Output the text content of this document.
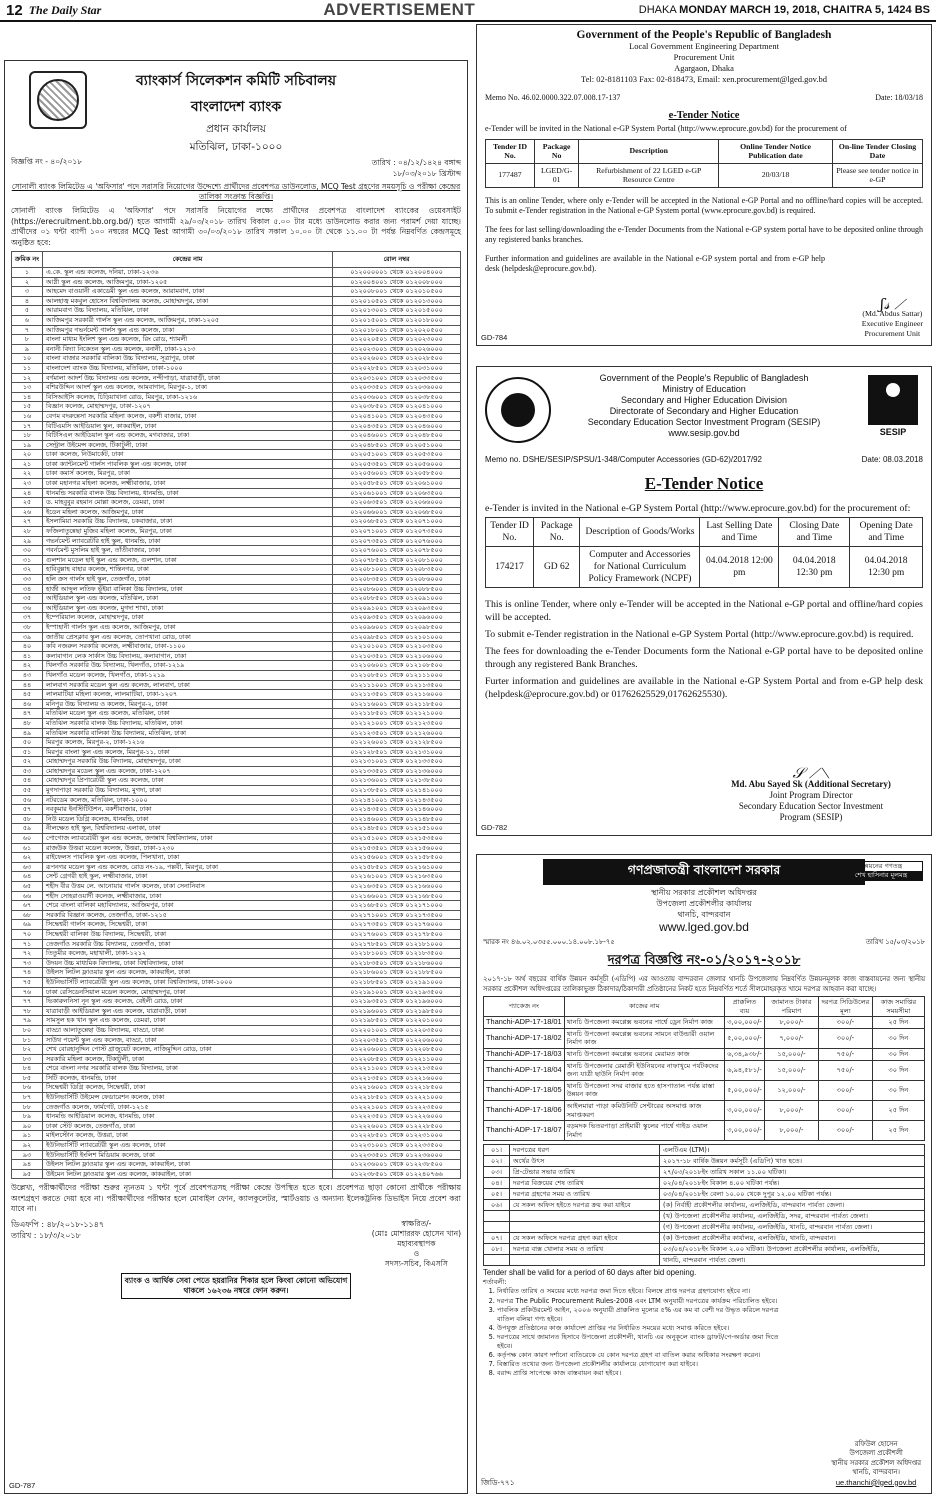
12 The Daily Star	ADVERTISEMENT	DHAKA MONDAY MARCH 19, 2018, CHAITRA 5, 1424 BS
ব্যাংকার্স সিলেকশন কমিটি সচিবালয়
বাংলাদেশ ব্যাংক
প্রধান কার্যালয়
মতিঝিল, ঢাকা-১০০০
বিজ্ঞপ্তি নং - ৪০/২০১৮	তারিখ : ০৪/১২/১৪২৪ বঙ্গাব্দ
১৮/০৩/২০১৮ খ্রিস্টাব্দ
সোনালী ব্যাংক লিমিটেড এ 'অফিসার' পদে সরাসরি নিয়োগের উদ্দেশ্যে প্রার্থীদের প্রবেশপত্র ডাউনলোড, MCQ Test গ্রহণের সময়সূচি ও পরীক্ষা কেন্দ্রের তালিকা সংক্রান্ত বিজ্ঞপ্তি।
সোনালী ব্যাংক লিমিটেড এ 'অফিসার' পদে সরাসরি নিয়োগের লক্ষ্যে প্রার্থীদের প্রবেশপত্র বাংলাদেশ ব্যাংকের ওয়েবসাইট (https://erecruitment.bb.org.bd/) হতে আগামী ২৯/০৩/২০১৮ তারিখ বিকাল ৫.০০ টার মধ্যে ডাউনলোড করার জন্য পরামর্শ দেয়া যাচ্ছে। প্রার্থীদের ০১ ঘন্টা ব্যাপী ১০০ নম্বরের MCQ Test আগামী ৩০/০৩/২০১৮ তারিখ সকাল ১০.০০ টা থেকে ১১.০০ টা পর্যন্ত নিম্নবর্ণিত কেন্দ্রসমূহে অনুষ্ঠিত হবে:
ক্রমিক নং	কেন্দ্রের নাম	রোল নম্বর
১	এ.কে. স্কুল এন্ড কলেজ, দনিয়া, ঢাকা-১২৩৬	০১২০০০০০১ থেকে ০১২০০৪০০০
২	আগ্নী স্কুল এন্ড কলেজ, আজিমপুর, ঢাকা-১২০৫	০১২০০৪০০১ থেকে ০১২০০৮০০০
৩	আহমেদ বাওয়ানী একাডেমী স্কুল এন্ড কলেজ, আরামবাগ, ঢাকা	০১২০০৮০০১ থেকে ০১২০১০৫০০
৪	আলহাজ্ব মকবুল হোসেন বিশ্ববিদ্যালয় কলেজ, মোহাম্মদপুর, ঢাকা	০১২০১০৫০১ থেকে ০১২০১৩০০০
৫	আরামবাগ উচ্চ বিদ্যালয়, মতিঝিল, ঢাকা	০১২০১৩০০১ থেকে ০১২০১৫০০০
৬	আজিমপুর সরকারী গার্লস স্কুল এন্ড কলেজ, আজিমপুর, ঢাকা-১২০৫	০১২০১৫০০১ থেকে ০১২০১৮০০০
৭	আজিমপুর গভর্নমেন্ট গার্লস স্কুল এন্ড কলেজ, ঢাকা	০১২০১৮০০১ থেকে ০১২০২০৫০০
৮	বাংলা মাধ্যম ইংলিশ স্কুল এন্ড কলেজ, রিং রোড, শ্যামলী	০১২০২০৫০১ থেকে ০১২০২৩০০০
৯	বনানী বিদ্যা নিকেতন স্কুল এন্ড কলেজ, বনানী, ঢাকা-১২১৩	০১২০২৩০০১ থেকে ০১২০২৬০০০
১০	বাংলা বাজার সরকারি বালিকা উচ্চ বিদ্যালয়, সূত্রাপুর, ঢাকা	০১২০২৬০০১ থেকে ০১২০২৮৫০০
১১	বাংলাদেশ ব্যাংক উচ্চ বিদ্যালয়, মতিঝিল, ঢাকা-১০০০	০১২০২৮৫০১ থেকে ০১২০৩১০০০
১২	বর্ণমালা আদর্শ উচ্চ বিদ্যালয় এন্ড কলেজ, নন্দীপাড়া, যাত্রাবাড়ী, ঢাকা	০১২০৩১০০১ থেকে ০১২০৩৩৫০০
১৩	বশিরউদ্দিন আদর্শ স্কুল এন্ড কলেজ, আমবাগান, মিরপুর-১, ঢাকা	০১২০৩৩৫০১ থেকে ০১২০৩৬০০০
১৪	বিসিআইসি কলেজ, চিড়িয়াখানা রোড, মিরপুর, ঢাকা-১২১৬	০১২০৩৬০০১ থেকে ০১২০৩৮৫০০
১৫	বিজ্ঞান কলেজ, মোহাম্মদপুর, ঢাকা-১২০৭	০১২০৩৮৫০১ থেকে ০১২০৪১০০০
১৬	বেগম বদরুন্নেসা সরকারি মহিলা কলেজ, বকশী বাজার, ঢাকা	০১২০৪১০০১ থেকে ০১২০৪৩৫০০
১৭	বিটিএমসি আইডিয়াল স্কুল, কাকরাইল, ঢাকা	০১২০৪৩৫০১ থেকে ০১২০৪৬০০০
১৮	বিটিসিএল আইডিয়াল স্কুল এন্ড কলেজ, মগবাজার, ঢাকা	০১২০৪৬০০১ থেকে ০১২০৪৮৫০০
১৯	সেন্ট্রাল উইমেন্স কলেজ, টিকাটুলী, ঢাকা	০১২০৪৮৫০১ থেকে ০১২০৫১০০০
২০	চাকা কলেজ, নিউমার্কেট, ঢাকা	০১২০৫১০০১ থেকে ০১২০৫৩৫০০
২১	ঢাকা ক্যান্টনমেন্ট গার্লস পাবলিক স্কুল এন্ড কলেজ, ঢাকা	০১২০৫৩৫০১ থেকে ০১২০৫৬০০০
২২	চাকা কমার্স কলেজ, মিরপুর, ঢাকা	০১২০৫৬০০১ থেকে ০১২০৫৮৫০০
২৩	ঢাকা মহানগর মহিলা কলেজ, লক্ষ্মীবাজার, ঢাকা	০১২০৫৮৫০১ থেকে ০১২০৬১০০০
২৪	ধানমন্ডি সরকারি বালক উচ্চ বিদ্যালয়, ধানমন্ডি, ঢাকা	০১২০৬১০০১ থেকে ০১২০৬৩৫০০
২৫	ড. মাহবুবুর রহমান মোল্লা কলেজ, ডেমরা, ঢাকা	০১২০৬৩৫০১ থেকে ০১২০৬৬০০০
২৬	ইডেন মহিলা কলেজ, আজিমপুর, ঢাকা	০১২০৬৬০০১ থেকে ০১২০৬৮৫০০
২৭	ইসলামিয়া সরকারি উচ্চ বিদ্যালয়, চকবাজার, ঢাকা	০১২০৬৮৫০১ থেকে ০১২০৭১০০০
২৮	ফজিলাতুন্নেছা মুজিব মহিলা কলেজ, মিরপুর, ঢাকা	০১২০৭১০০১ থেকে ০১২০৭৩৫০০
২৯	গভর্নমেন্ট ল্যাবরেটরি হাই স্কুল, ধানমন্ডি, ঢাকা	০১২০৭৩৫০১ থেকে ০১২০৭৬০০০
৩০	গবর্নমেন্ট মুসলিম হাই স্কুল, তাঁতীবাজার, ঢাকা	০১২০৭৬০০১ থেকে ০১২০৭৮৫০০
৩১	গুলশান মডেল হাই স্কুল এন্ড কলেজ, গুলশান, ঢাকা	০১২০৭৮৫০১ থেকে ০১২০৮১০০০
৩২	হাবিবুল্লাহ বাহার কলেজ, শান্তিনগর, ঢাকা	০১২০৮১০০১ থেকে ০১২০৮৩৫০০
৩৩	হলি ক্রস গার্লস হাই স্কুল, তেজগাঁও, ঢাকা	০১২০৮৩৫০১ থেকে ০১২০৮৬০০০
৩৪	হাজী আব্দুল লতিফ ভূঁইয়া বালিকা উচ্চ বিদ্যালয়, ঢাকা	০১২০৮৬০০১ থেকে ০১২০৮৮৫০০
৩৫	আইডিয়াল স্কুল এন্ড কলেজ, মতিঝিল, ঢাকা	০১২০৮৮৫০১ থেকে ০১২০৯১০০০
৩৬	আইডিয়াল স্কুল এন্ড কলেজ, মুগদা শাখা, ঢাকা	০১২০৯১০০১ থেকে ০১২০৯৩৫০০
৩৭	ইম্পেরিয়াল কলেজ, মোহাম্মদপুর, ঢাকা	০১২০৯৩৫০১ থেকে ০১২০৯৬০০০
৩৮	ইস্পাহানী গার্লস স্কুল এন্ড কলেজ, আজিমপুর, ঢাকা	০১২০৯৬০০১ থেকে ০১২০৯৮৫০০
৩৯	জাতীয় প্রেসক্লাব স্কুল এন্ড কলেজ, তোপখানা রোড, ঢাকা	০১২০৯৮৫০১ থেকে ০১২১০১০০০
৪০	কবি নজরুল সরকারি কলেজ, লক্ষ্মীবাজার, ঢাকা-১১০০	০১২১০১০০১ থেকে ০১২১০৩৫০০
৪১	কলাবাগান লেক সার্কাস উচ্চ বিদ্যালয়, কলাবাগান, ঢাকা	০১২১০৩৫০১ থেকে ০১২১০৬০০০
৪২	খিলগাঁও সরকারি উচ্চ বিদ্যালয়, খিলগাঁও, ঢাকা-১২১৯	০১২১০৬০০১ থেকে ০১২১০৮৫০০
৪৩	খিলগাঁও মডেল কলেজ, খিলগাঁও, ঢাকা-১২১৯	০১২১০৮৫০১ থেকে ০১২১১১০০০
৪৪	লালবাগ সরকারি মডেল স্কুল এন্ড কলেজ, লালবাগ, ঢাকা	০১২১১১০০১ থেকে ০১২১১৩৫০০
৪৫	লালমাটিয়া মহিলা কলেজ, লালমাটিয়া, ঢাকা-১২০৭	০১২১১৩৫০১ থেকে ০১২১১৬০০০
৪৬	মনিপুর উচ্চ বিদ্যালয় ও কলেজ, মিরপুর-২, ঢাকা	০১২১১৬০০১ থেকে ০১২১১৮৫০০
৪৭	মতিঝিল মডেল স্কুল এন্ড কলেজ, মতিঝিল, ঢাকা	০১২১১৮৫০১ থেকে ০১২১২১০০০
৪৮	মতিঝিল সরকারি বালক উচ্চ বিদ্যালয়, মতিঝিল, ঢাকা	০১২১২১০০১ থেকে ০১২১২৩৫০০
৪৯	মতিঝিল সরকারি বালিকা উচ্চ বিদ্যালয়, মতিঝিল, ঢাকা	০১২১২৩৫০১ থেকে ০১২১২৬০০০
৫০	মিরপুর কলেজ, মিরপুর-২, ঢাকা-১২১৬	০১২১২৬০০১ থেকে ০১২১২৮৫০০
৫১	মিরপুর বাংলা স্কুল এন্ড কলেজ, মিরপুর-১১, ঢাকা	০১২১২৮৫০১ থেকে ০১২১৩১০০০
৫২	মোহাম্মদপুর সরকারি উচ্চ বিদ্যালয়, মোহাম্মদপুর, ঢাকা	০১২১৩১০০১ থেকে ০১২১৩৩৫০০
৫৩	মোহাম্মদপুর মডেল স্কুল এন্ড কলেজ, ঢাকা-১২০৭	০১২১৩৩৫০১ থেকে ০১২১৩৬০০০
৫৪	মোহাম্মদপুর প্রিপারেটরী স্কুল এন্ড কলেজ, ঢাকা	০১২১৩৬০০১ থেকে ০১২১৩৮৫০০
৫৫	মুগদাপাড়া সরকারি উচ্চ বিদ্যালয়, মুগদা, ঢাকা	০১২১৩৮৫০১ থেকে ০১২১৪১০০০
৫৬	নটরডেম কলেজ, মতিঝিল, ঢাকা-১০০০	০১২১৪১০০১ থেকে ০১২১৪৩৫০০
৫৭	নবকুমার ইনস্টিটিউশন, বকশীবাজার, ঢাকা	০১২১৪৩৫০১ থেকে ০১২১৪৬০০০
৫৮	নিউ মডেল ডিগ্রি কলেজ, ধানমন্ডি, ঢাকা	০১২১৪৬০০১ থেকে ০১২১৪৮৫০০
৫৯	নীলক্ষেত হাই স্কুল, বিশ্ববিদ্যালয় এলাকা, ঢাকা	০১২১৪৮৫০১ থেকে ০১২১৫১০০০
৬০	পোগোজ ল্যাবরেটরী স্কুল এন্ড কলেজ, জগন্নাথ বিশ্ববিদ্যালয়, ঢাকা	০১২১৫১০০১ থেকে ০১২১৫৩৫০০
৬১	রাজউক উত্তরা মডেল কলেজ, উত্তরা, ঢাকা-১২৩০	০১২১৫৩৫০১ থেকে ০১২১৫৬০০০
৬২	রাইফেলস পাবলিক স্কুল এন্ড কলেজ, পিলখানা, ঢাকা	০১২১৫৬০০১ থেকে ০১২১৫৮৫০০
৬৩	রূপনগর মডেল স্কুল এন্ড কলেজ, রোড নং-১৯, পল্লবী, মিরপুর, ঢাকা	০১২১৫৮৫০১ থেকে ০১২১৬১০০০
৬৪	সেন্ট গ্রেগরী হাই স্কুল, লক্ষ্মীবাজার, ঢাকা	০১২১৬১০০১ থেকে ০১২১৬৩৫০০
৬৫	শহীদ বীর উত্তম লে. আনোয়ার গার্লস কলেজ, ঢাকা সেনানিবাস	০১২১৬৩৫০১ থেকে ০১২১৬৬০০০
৬৬	শহীদ সোহরাওয়ার্দী কলেজ, লক্ষ্মীবাজার, ঢাকা	০১২১৬৬০০১ থেকে ০১২১৬৮৫০০
৬৭	শেরে বাংলা বালিকা মহাবিদ্যালয়, আজিমপুর, ঢাকা	০১২১৬৮৫০১ থেকে ০১২১৭১০০০
৬৮	সরকারি বিজ্ঞান কলেজ, তেজগাঁও, ঢাকা-১২১৫	০১২১৭১০০১ থেকে ০১২১৭৩৫০০
৬৯	সিদ্ধেশ্বরী গার্লস কলেজ, সিদ্ধেশ্বরী, ঢাকা	০১২১৭৩৫০১ থেকে ০১২১৭৬০০০
৭০	সিদ্ধেশ্বরী বালিকা উচ্চ বিদ্যালয়, সিদ্ধেশ্বরী, ঢাকা	০১২১৭৬০০১ থেকে ০১২১৭৮৫০০
৭১	তেজগাঁও সরকারি উচ্চ বিদ্যালয়, তেজগাঁও, ঢাকা	০১২১৭৮৫০১ থেকে ০১২১৮১০০০
৭২	তিতুমীর কলেজ, মহাখালী, ঢাকা-১২১২	০১২১৮১০০১ থেকে ০১২১৮৩৫০০
৭৩	উদয়ন উচ্চ মাধ্যমিক বিদ্যালয়, ঢাকা বিশ্ববিদ্যালয়, ঢাকা	০১২১৮৩৫০১ থেকে ০১২১৮৬০০০
৭৪	উইলস লিটল ফ্লাওয়ার স্কুল এন্ড কলেজ, কাকরাইল, ঢাকা	০১২১৮৬০০১ থেকে ০১২১৮৮৫০০
৭৫	ইউনিভার্সিটি ল্যাবরেটরী স্কুল এন্ড কলেজ, ঢাকা বিশ্ববিদ্যালয়, ঢাকা-১০০০	০১২১৮৮৫০১ থেকে ০১২১৯১০০০
৭৬	ঢাকা রেসিডেনসিয়াল মডেল কলেজ, মোহাম্মদপুর, ঢাকা	০১২১৯১০০১ থেকে ০১২১৯৩৫০০
৭৭	ভিকারুননিসা নূন স্কুল এন্ড কলেজ, বেইলী রোড, ঢাকা	০১২১৯৩৫০১ থেকে ০১২১৯৬০০০
৭৮	যাত্রাবাড়ী আইডিয়াল স্কুল এন্ড কলেজ, যাত্রাবাড়ী, ঢাকা	০১২১৯৬০০১ থেকে ০১২১৯৮৫০০
৭৯	সামসুল হক খান স্কুল এন্ড কলেজ, ডেমরা, ঢাকা	০১২১৯৮৫০১ থেকে ০১২২০১০০০
৮০	বাড্ডা আলাতুন্নেছা উচ্চ বিদ্যালয়, বাড্ডা, ঢাকা	০১২২০১০০১ থেকে ০১২২০৩৫০০
৮১	সাউথ পয়েন্ট স্কুল এন্ড কলেজ, বাড্ডা, ঢাকা	০১২২০৩৫০১ থেকে ০১২২০৬০০০
৮২	শেখ বোরহানুদ্দিন পোস্ট গ্রাজুয়েট কলেজ, নাজিমুদ্দিন রোড, ঢাকা	০১২২০৬০০১ থেকে ০১২২০৮৫০০
৮৩	সরকারি মহিলা কলেজ, টিকাটুলী, ঢাকা	০১২২০৮৫০১ থেকে ০১২২১১০০০
৮৪	শেরে বাংলা নগর সরকারি বালক উচ্চ বিদ্যালয়, ঢাকা	০১২২১১০০১ থেকে ০১২২১৩৫০০
৮৫	সিটি কলেজ, ধানমন্ডি, ঢাকা	০১২২১৩৫০১ থেকে ০১২২১৬০০০
৮৬	সিদ্ধেশ্বরী ডিগ্রি কলেজ, সিদ্ধেশ্বরী, ঢাকা	০১২২১৬০০১ থেকে ০১২২১৮৫০০
৮৭	ইউনিভার্সিটি উইমেন্স ফেডারেশন কলেজ, ঢাকা	০১২২১৮৫০১ থেকে ০১২২২১০০০
৮৮	তেজগাঁও কলেজ, ফার্মগেট, ঢাকা-১২১৫	০১২২২১০০১ থেকে ০১২২২৩৫০০
৮৯	ধানমন্ডি আইডিয়াল কলেজ, ধানমন্ডি, ঢাকা	০১২২২৩৫০১ থেকে ০১২২২৬০০০
৯০	ঢাকা স্টেট কলেজ, তেজগাঁও, ঢাকা	০১২২২৬০০১ থেকে ০১২২২৮৫০০
৯১	মাইলস্টোন কলেজ, উত্তরা, ঢাকা	০১২২২৮৫০১ থেকে ০১২২৩১০০০
৯২	ইউনিভার্সিটি ল্যাবরেটরী স্কুল এন্ড কলেজ, ঢাকা	০১২২৩১০০১ থেকে ০১২২৩৩৫০০
৯৩	ইউনিভার্সিটি ইংলিশ মিডিয়াম কলেজ, ঢাকা	০১২২৩৩৫০১ থেকে ০১২২৩৬০০০
৯৪	উইলস লিটল ফ্লাওয়ার স্কুল এন্ড কলেজ, কাকরাইল, ঢাকা	০১২২৩৬০০১ থেকে ০১২২৩৮৫০০
৯৫	উইমেন লিটল ফ্লাওয়ার স্কুল এন্ড কলেজ, কাকরাইল, ঢাকা	০১২২৩৮৫০১ থেকে ০১২২৪০৭৬৬
উল্লেখ্য, পরীক্ষার্থীদের পরীক্ষা শুরুর ন্যূনতম ১ ঘন্টা পূর্বে প্রবেশপত্রসহ পরীক্ষা কেন্দ্রে উপস্থিত হতে হবে। প্রবেশপত্র ছাড়া কোনো প্রার্থীকে পরীক্ষায় অংশগ্রহণ করতে দেয়া হবে না। পরীক্ষার্থীদের পরীক্ষার হলে মোবাইল ফোন, ক্যালকুলেটর, স্মার্টওয়াচ ও অন্যান্য ইলেকট্রনিক ডিভাইস নিয়ে প্রবেশ করা যাবে না।
ডিএফপি : ৪৮/২০১৮-১১৪৭
তারিখ : ১৮/৩/২০১৮
স্বাক্ষরিত/-
(মোঃ মোশাররফ হোসেন খান)
মহাব্যবস্থাপক
ও
সদস্য-সচিব, বিএসসি
ব্যাংক ও আর্থিক সেবা পেতে হয়রানির শিকার হলে কিংবা কোনো অভিযোগ থাকলে ১৬২৩৬ নম্বরে ফোন করুন।
GD-787
Government of the People's Republic of Bangladesh
Local Government Engineering Department
Procurement Unit
Agargaon, Dhaka
Tel: 02-8181103 Fax: 02-818473, Email: xen.procurement@lged.gov.bd
Memo No. 46.02.0000.322.07.008.17-137	Date: 18/03/18
e-Tender Notice
e-Tender will be invited in the National e-GP System Portal (http://www.eprocure.gov.bd) for the procurement of
Tender ID No.	Package No	Description	Online Tender Notice Publication date	On-line Tender Closing Date
177487	LGED/G-01	Refurbishment of 22 LGED e-GP Resource Centre	20/03/18	Please see tender notice in e-GP
This is an online Tender, where only e-Tender will be accepted in the National e-GP Portal and no offline/hard copies will be accepted. To submit e-Tender registration in the National e-GP System portal (www.eprocure.gov.bd) is required.
The fees for last selling/downloading the e-Tender Documents from the National e-GP system portal have to be deposited online through any registered banks branches.
Further information and guidelines are available in the National e-GP system portal and from e-GP help desk (helpdesk@eprocure.gov.bd).
ʃ𝓈 ⟋
(Md. Abdus Sattar)
Executive Engineer
Procurement Unit
GD-784
Government of the People's Republic of Bangladesh
Ministry of Education
Secondary and Higher Education Division
Directorate of Secondary and Higher Education
Secondary Education Sector Investment Program (SESIP)
www.sesip.gov.bd	SESIP
Memo no. DSHE/SESIP/SPSU/1-348/Computer Accessories (GD-62)/2017/92	Date: 08.03.2018
E-Tender Notice
e-Tender is invited in the National e-GP System Portal (http://www.eprocure.gov.bd) for the procurement of:
Tender ID No.	Package No.	Description of Goods/Works	Last Selling Date and Time	Closing Date and Time	Opening Date and Time
174217	GD 62	Computer and Accessories for National Curriculum Policy Framework (NCPF)	04.04.2018 12:00 pm	04.04.2018 12:30 pm	04.04.2018 12:30 pm
This is online Tender, where only e-Tender will be accepted in the National e-GP portal and offline/hard copies will be accepted.
To submit e-Tender registration in the National e-GP System Portal (http://www.eprocure.gov.bd) is required.
The fees for downloading the e-Tender Documents form the National e-GP portal have to be deposited online through any registered Bank Branches.
Furter information and guidelines are available in the National e-GP System Portal and from e-GP help desk (helpdesk@eprocure.gov.bd) or 01762625529,01762625530).
𝒮 ⟋⟍
Md. Abu Sayed Sk (Additional Secretary)
Joint Program Director
Secondary Education Sector Investment
Program (SESIP)
GD-782
গণপ্রজাতন্ত্রী বাংলাদেশ সরকার	উন্নয়নের গণতন্ত্র
শেখ হাসিনার মূলমন্ত্র
স্থানীয় সরকার প্রকৌশল অধিদপ্তর
উপজেলা প্রকৌশলীর কার্যালয়
থানচি, বান্দরবান
www.lged.gov.bd
স্মারক নং ৪৬.০২.০৩৫৫.০০০.১৪.০০৮.১৮-৭৫	তারিখ ১৫/০৩/২০১৮
দরপত্র বিজ্ঞপ্তি নং-০১/২০১৭-২০১৮
২০১৭-১৮ অর্থ বছরের বার্ষিক উন্নয়ন কর্মসূচী (এডিপি) এর আওতায় বান্দরবান জেলার থানচি উপজেলায় নিম্নবর্ণিত উন্নয়নমূলক কাজ বাস্তবায়নের জন্য স্থানীয় সরকার প্রকৌশল অধিদপ্তরের তালিকাভুক্ত ঠিকাদার/ঠিকাদারী প্রতিষ্ঠানের নিকট হতে নিম্নবর্ণিত শর্তে সীলমোহরকৃত খামে দরপত্র আহবান করা যাচ্ছে।
প্যাকেজ নং	কাজের নাম	প্রাক্কলিত ব্যয়	জামানত টাকার পরিমাণ	দরপত্র সিডিউলের মূল্য	কাজ সমাপ্তির সময়সীমা
Thanchi-ADP-17-18/01	থানচি উপজেলা কমপ্লেক্স ভবনের পার্শ্বে ড্রেন নির্মাণ কাজ	৩,০০,০০০/-	৮,০০০/-	৩০০/-	২৫ দিন
Thanchi-ADP-17-18/02	থানচি উপজেলা কমপ্লেক্স ভবনের সামনে বাউন্ডারী ওয়াল নির্মাণ কাজ	৫,০০,০০০/-	৭,০০০/-	৩০০/-	৩০ দিন
Thanchi-ADP-17-18/03	থানচি উপজেলা কমপ্লেক্স ভবনের মেরামত কাজ	৬,৩৪,৯৩৮/-	১৫,০০০/-	৭৫০/-	৩০ দিন
Thanchi-ADP-17-18/04	থানচি উপজেলার রেমাক্রী ইউনিয়নের নাফাখুমে পর্যটকদের জন্য যাত্রী ছাউনি নির্মাণ কাজ	৬,৯৪,৫৮১/-	১৫,০০০/-	৭৫০/-	৩০ দিন
Thanchi-ADP-17-18/05	থানচি উপজেলা সদর বাজার হতে হাসপাতাল পর্যন্ত রাস্তা উন্নয়ন কাজ	৫,০০,০০০/-	১২,০০০/-	৩০০/-	৩০ দিন
Thanchi-ADP-17-18/06	আইলমারা পাড়া কমিউনিটি সেন্টারের অসমাপ্ত কাজ সমাপ্তকরণ	৩,০০,০০০/-	৮,০০০/-	৩০০/-	২৫ দিন
Thanchi-ADP-17-18/07	বড়মদক ভিতরপাড়া প্রাইমারী স্কুলের পার্শ্বে গাইড ওয়াল নির্মাণ	৩,০০,০০০/-	৮,০০০/-	৩০০/-	২৫ দিন
০১।	দরপত্রের ধরণ	এলটিএম (LTM)।
০২।	অর্থের উৎস	২০১৭-১৮ বার্ষিক উন্নয়ন কর্মসূচী (এডিপি) খাত হতে।
০৩।	প্রি-টেন্ডার সভার তারিখ	২৭/০৩/২০১৮ইং তারিখ সকাল ১১.০০ ঘটিকা।
০৪।	দরপত্র বিক্রয়ের শেষ তারিখ	০২/০৪/২০১৮ইং বিকাল ৪.০০ ঘটিকা পর্যন্ত।
০৫।	দরপত্র গ্রহণের সময় ও তারিখ	০৩/০৪/২০১৮ইং বেলা ১০.০০ থেকে দুপুর ১২.০০ ঘটিকা পর্যন্ত।
০৬।	যে সকল অফিস হইতে দরপত্র ক্রয় করা যাইবে	(ক) নির্বাহী প্রকৌশলীর কার্যালয়, এলজিইডি, বান্দরবান পার্বত্য জেলা।
		(খ) উপজেলা প্রকৌশলীর কার্যালয়, এলজিইডি, সদর, বান্দরবান পার্বত্য জেলা।
		(গ) উপজেলা প্রকৌশলীর কার্যালয়, এলজিইডি, থানচি, বান্দরবান পার্বত্য জেলা।
০৭।	যে সকল অফিসে দরপত্র গ্রহণ করা হইবে	(ক) উপজেলা প্রকৌশলীর কার্যালয়, এলজিইডি, থানচি, বান্দরবান।
০৮।	দরপত্র বাক্স খোলার সময় ও তারিখ	০৩/০৪/২০১৮ইং বিকাল ২.০০ ঘটিকা। উপজেলা প্রকৌশলীর কার্যালয়, এলজিইডি,
		থানচি, বান্দরবান পার্বত্য জেলা।
Tender shall be valid for a period of 60 days after bid opening.
শর্তাবলী:
1. নির্ধারিত তারিখ ও সময়ের মধ্যে দরপত্র জমা দিতে হইবে। বিলম্বে প্রাপ্ত দরপত্র গ্রহণযোগ্য হইবে না।
2. দরপত্র The Public Procurement Rules-2008 এবং LTM অনুযায়ী দরপত্রের কার্যক্রম পরিচালিত হইবে।
3. পাবলিক প্রকিউরমেন্ট আইন, ২০০৬ অনুযায়ী প্রাক্কলিত মূল্যের ৫% এর কম বা বেশী দর উদ্ধৃত করিলে দরপত্র বাতিল বলিয়া গণ্য হইবে।
4. উপযুক্ত প্রতিষ্ঠানের কাজ কার্যাদেশ প্রাপ্তির পর নির্ধারিত সময়ের মধ্যে সমাপ্ত করিতে হইবে।
5. দরপত্রের সাথে জামানত হিসাবে উপজেলা প্রকৌশলী, থানচি এর অনুকূলে ব্যাংক ড্রাফট/পে-অর্ডার জমা দিতে হইবে।
6. কর্তৃপক্ষ কোন কারণ দর্শানো ব্যতিরেকে যে কোন দরপত্র গ্রহণ বা বাতিল করার অধিকার সংরক্ষণ করেন।
7. বিস্তারিত তথ্যের জন্য উপজেলা প্রকৌশলীর কার্যালয়ে যোগাযোগ করা যাইবে।
8. বরাদ্দ প্রাপ্তি সাপেক্ষে কাজ বাস্তবায়ন করা হইবে।
রফিউল হোসেন
উপজেলা প্রকৌশলী
স্থানীয় সরকার প্রকৌশল অধিদপ্তর
থানচি, বান্দরবান।
ue.thanchi@lged.gov.bd
জিডি-৭৭১
